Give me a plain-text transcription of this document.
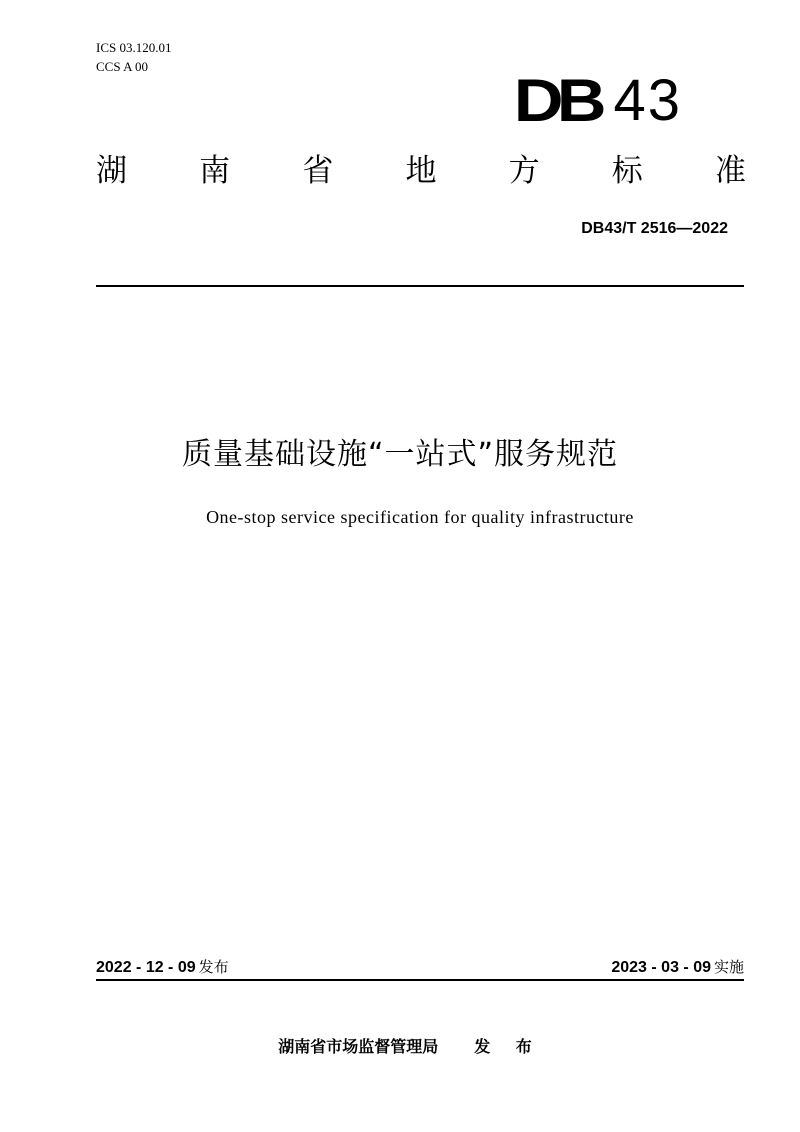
ICS 03.120.01
CCS A 00
DB 43
湖 南 省 地 方 标 准
DB43/T 2516—2022
质量基础设施“一站式”服务规范
One-stop service specification for quality infrastructure
2022 - 12 - 09 发布	2023 - 03 - 09 实施
湖南省市场监督管理局 发 布
